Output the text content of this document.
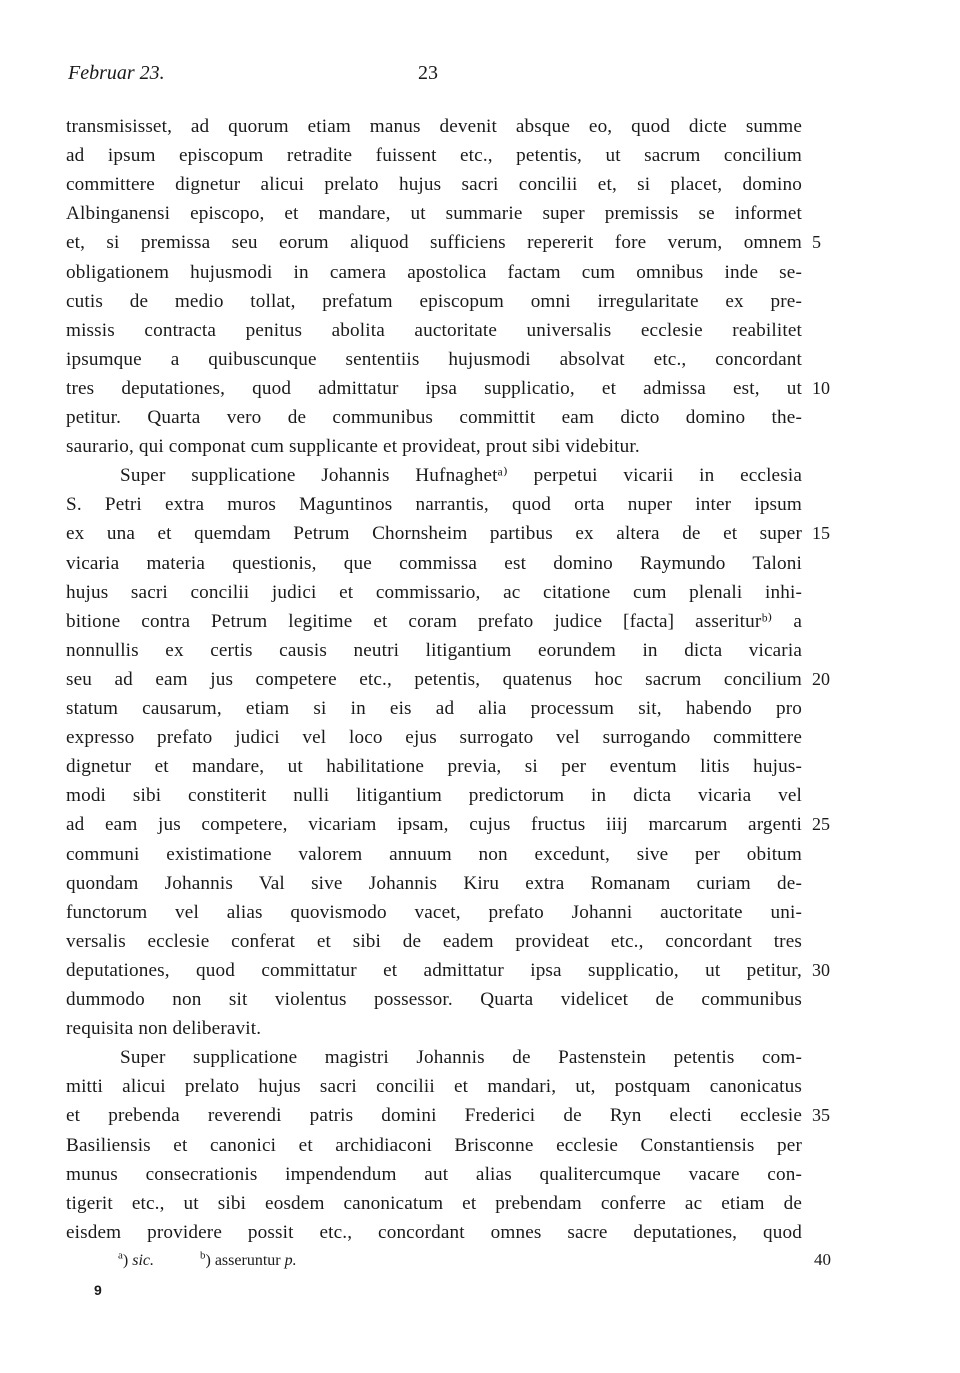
Februar 23.	23
transmisisset, ad quorum etiam manus devenit absque eo, quod dicte summe
ad ipsum episcopum retradite fuissent etc., petentis, ut sacrum concilium
committere dignetur alicui prelato hujus sacri concilii et, si placet, domino
Albinganensi episcopo, et mandare, ut summarie super premissis se informet
et, si premissa seu eorum aliquod sufficiens repererit fore verum, omnem 5
obligationem hujusmodi in camera apostolica factam cum omnibus inde se-
cutis de medio tollat, prefatum episcopum omni irregularitate ex pre-
missis contracta penitus abolita auctoritate universalis ecclesie reabilitet
ipsumque a quibuscunque sententiis hujusmodi absolvat etc., concordant
tres deputationes, quod admittatur ipsa supplicatio, et admissa est, ut 10
petitur. Quarta vero de communibus committit eam dicto domino the-
saurario, qui componat cum supplicante et provideat, prout sibi videbitur.
Super supplicatione Johannis Hufnaghetᵃ⁾ perpetui vicarii in ecclesia
S. Petri extra muros Maguntinos narrantis, quod orta nuper inter ipsum
ex una et quemdam Petrum Chornsheim partibus ex altera de et super 15
vicaria materia questionis, que commissa est domino Raymundo Taloni
hujus sacri concilii judici et commissario, ac citatione cum plenali inhi-
bitione contra Petrum legitime et coram prefato judice [facta] asseriturᵇ⁾ a
nonnullis ex certis causis neutri litigantium eorundem in dicta vicaria
seu ad eam jus competere etc., petentis, quatenus hoc sacrum concilium 20
statum causarum, etiam si in eis ad alia processum sit, habendo pro
expresso prefato judici vel loco ejus surrogato vel surrogando committere
dignetur et mandare, ut habilitatione previa, si per eventum litis hujus-
modi sibi constiterit nulli litigantium predictorum in dicta vicaria vel
ad eam jus competere, vicariam ipsam, cujus fructus iiij marcarum argenti 25
communi existimatione valorem annuum non excedunt, sive per obitum
quondam Johannis Val sive Johannis Kiru extra Romanam curiam de-
functorum vel alias quovismodo vacet, prefato Johanni auctoritate uni-
versalis ecclesie conferat et sibi de eadem provideat etc., concordant tres
deputationes, quod committatur et admittatur ipsa supplicatio, ut petitur, 30
dummodo non sit violentus possessor. Quarta videlicet de communibus
requisita non deliberavit.
Super supplicatione magistri Johannis de Pastenstein petentis com-
mitti alicui prelato hujus sacri concilii et mandari, ut, postquam canonicatus
et prebenda reverendi patris domini Frederici de Ryn electi ecclesie 35
Basiliensis et canonici et archidiaconi Brisconne ecclesie Constantiensis per
munus consecrationis impendendum aut alias qualitercumque vacare con-
tigerit etc., ut sibi eosdem canonicatum et prebendam conferre ac etiam de
eisdem providere possit etc., concordant omnes sacre deputationes, quod
$^a$) sic.	$^b$) asseruntur p.	40
9
